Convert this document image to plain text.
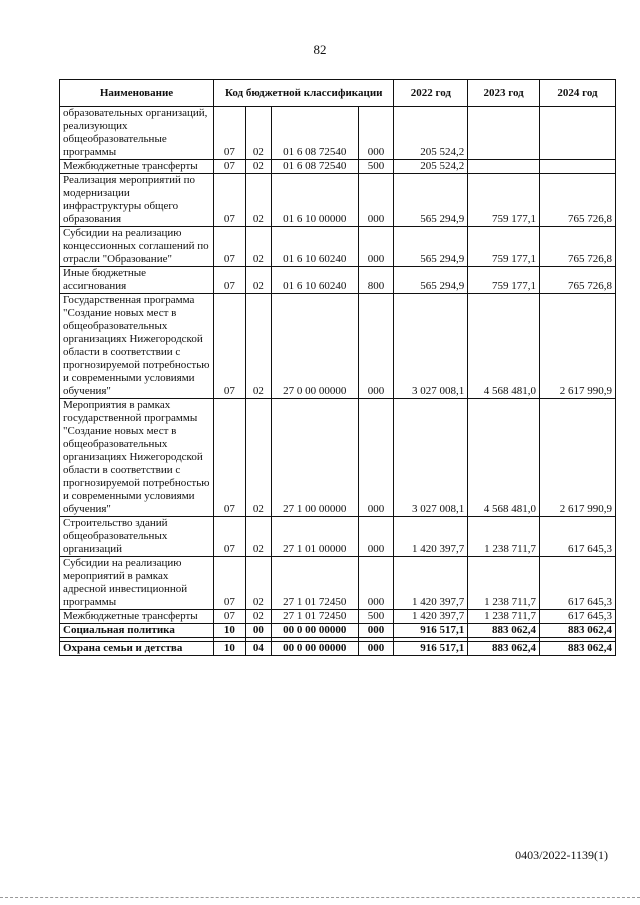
82
Наименование	Код бюджетной классификации				2022 год	2023 год	2024 год
образовательных организаций, реализующих общеобразовательные программы	07	02	01 6 08 72540	000	205 524,2		
Межбюджетные трансферты	07	02	01 6 08 72540	500	205 524,2		
Реализация мероприятий по модернизации инфраструктуры общего образования	07	02	01 6 10 00000	000	565 294,9	759 177,1	765 726,8
Субсидии на реализацию концессионных соглашений по отрасли "Образование"	07	02	01 6 10 60240	000	565 294,9	759 177,1	765 726,8
Иные бюджетные ассигнования	07	02	01 6 10 60240	800	565 294,9	759 177,1	765 726,8
Государственная программа "Создание новых мест в общеобразовательных организациях Нижегородской области в соответствии с прогнозируемой потребностью и современными условиями обучения"	07	02	27 0 00 00000	000	3 027 008,1	4 568 481,0	2 617 990,9
Мероприятия в рамках государственной программы "Создание новых мест в общеобразовательных организациях Нижегородской области в соответствии с прогнозируемой потребностью и современными условиями обучения"	07	02	27 1 00 00000	000	3 027 008,1	4 568 481,0	2 617 990,9
Строительство зданий общеобразовательных организаций	07	02	27 1 01 00000	000	1 420 397,7	1 238 711,7	617 645,3
Субсидии на реализацию мероприятий в рамках адресной инвестиционной программы	07	02	27 1 01 72450	000	1 420 397,7	1 238 711,7	617 645,3
Межбюджетные трансферты	07	02	27 1 01 72450	500	1 420 397,7	1 238 711,7	617 645,3
Социальная политика	10	00	00 0 00 00000	000	916 517,1	883 062,4	883 062,4

Охрана семьи и детства	10	04	00 0 00 00000	000	916 517,1	883 062,4	883 062,4
0403/2022-1139(1)
